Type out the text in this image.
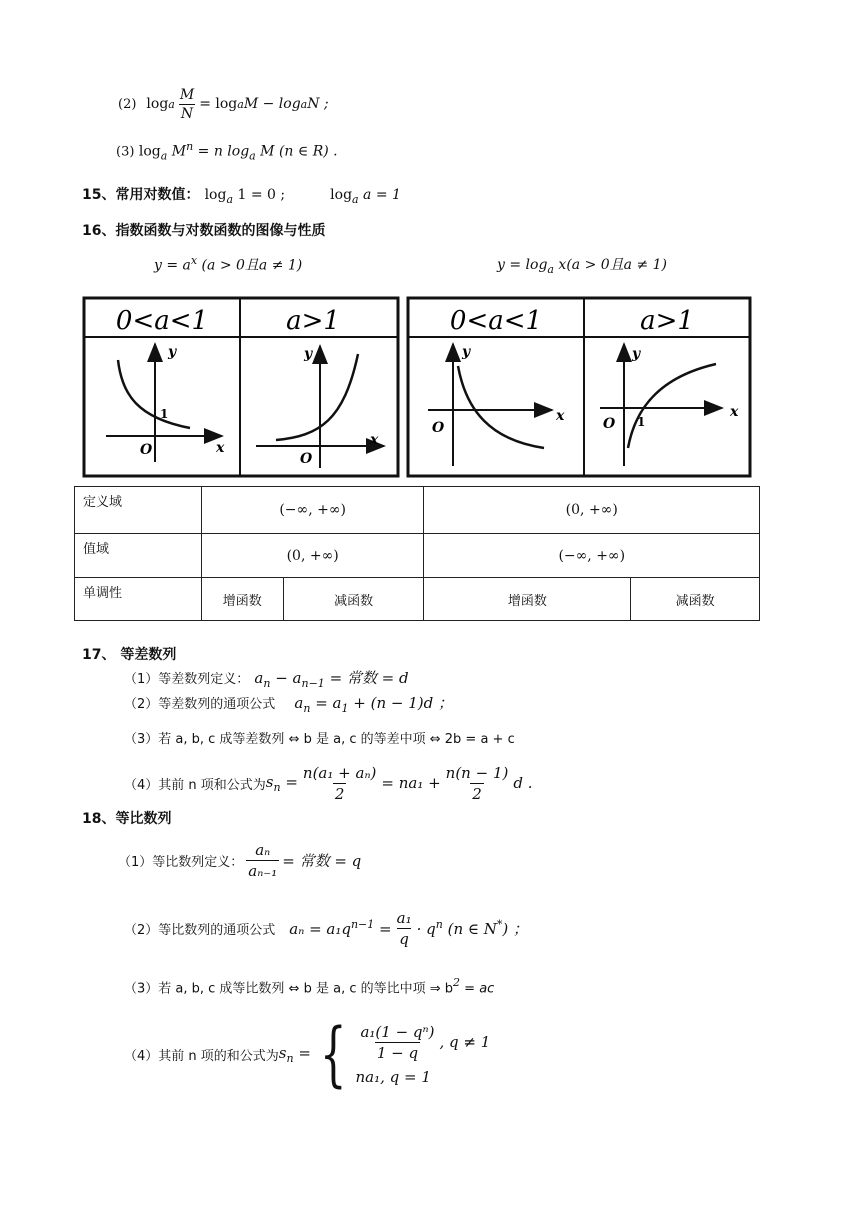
(2) log a $\frac{M}{N} = \log a$ M − log a N ;
(3) $\log_a M^n = n$ $\log_a M$ (n ∈ R) .
15、常用对数值： $\log_a 1 = 0$ ;	$\log_a a = 1$
16、指数函数与对数函数的图像与性质
$y = a^x$ (a > 0且a ≠ 1)	$y = \log_a x(a > 0$且a ≠ 1)
0<a<1	a>1	0<a<1	a>1
y
x
O
1
y
x
O
y
x
O
y
x
O 1
定义域	(−∞, +∞)		(0, +∞)	
值域	(0, +∞)		(−∞, +∞)	
单调性	增函数	减函数	增函数	减函数
17、 等差数列
（1）等差数列定义： $a_n - a_{n-1}$ = 常数 = d
（2）等差数列的通项公式 $a_n = a_1 + (n - 1)d$ ；
（3）若 a, b, c 成等差数列 ⇔ b 是 a, c 的等差中项 ⇔ 2b = a + c
（4）其前 n 项和公式为 $s_n = \frac{\text{n(a₁ + aₙ)}}{2} = na_1 + \frac{n(n - 1)}{2}$ d .
18、等比数列
（1）等比数列定义： $\frac{\text{aₙ}}{\text{aₙ₋₁}}$ = 常数 = q
（2）等比数列的通项公式 $a_n = a_1q^{n-1} = \frac{\text{a₁}}{q} \cdot q^n$ (n ∈ N*) ；
（3）若 a, b, c 成等比数列 ⇔ b 是 a, c 的等比中项 ⇒ $b^2$ = ac
（4）其前 n 项的和公式为 $s_n$ = { $\frac{\text{a₁(1 − qⁿ)}}{1 - q}$ , q ≠ 1
na₁, q = 1
